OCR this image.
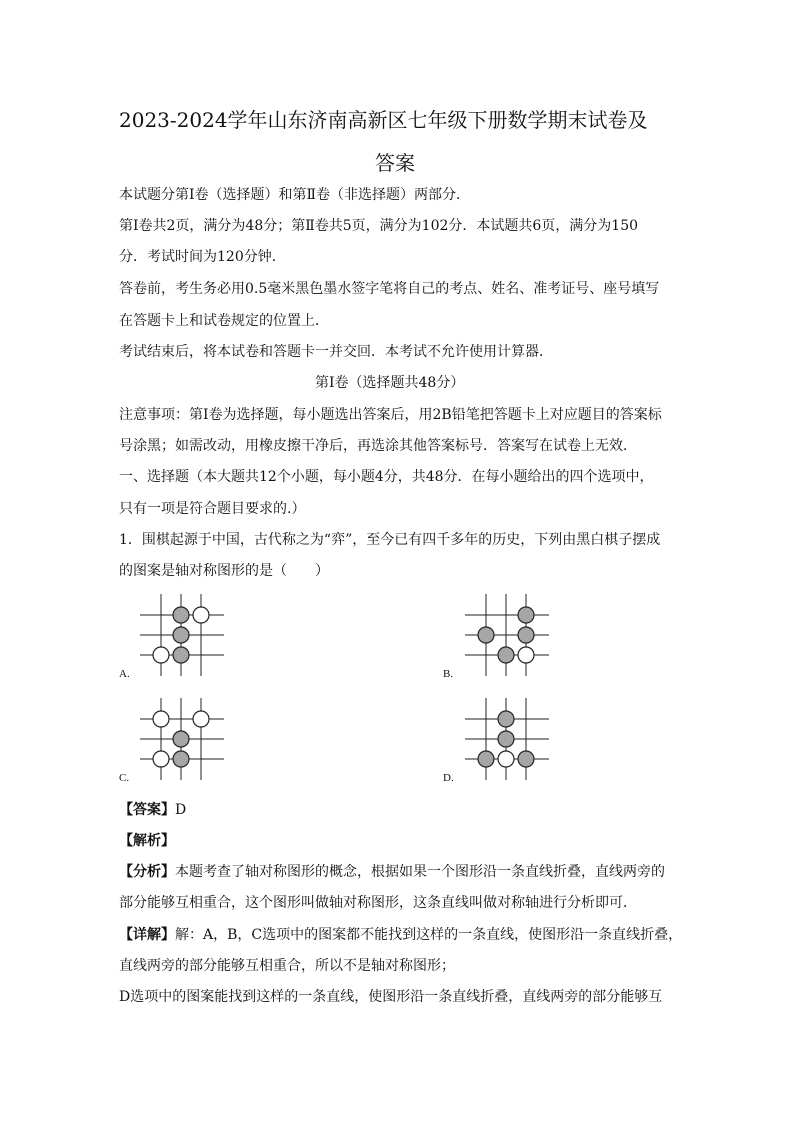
2023-2024学年山东济南高新区七年级下册数学期末试卷及
答案
本试题分第Ⅰ卷（选择题）和第Ⅱ卷（非选择题）两部分．
第Ⅰ卷共2页，满分为48分；第Ⅱ卷共5页，满分为102分．本试题共6页，满分为150
分．考试时间为120分钟．
答卷前，考生务必用0.5毫米黑色墨水签字笔将自己的考点、姓名、准考证号、座号填写
在答题卡上和试卷规定的位置上．
考试结束后，将本试卷和答题卡一并交回．本考试不允许使用计算器．
第Ⅰ卷（选择题共48分）
注意事项：第Ⅰ卷为选择题，每小题选出答案后，用2B铅笔把答题卡上对应题目的答案标
号涂黑；如需改动，用橡皮擦干净后，再选涂其他答案标号．答案写在试卷上无效．
一、选择题（本大题共12个小题，每小题4分，共48分．在每小题给出的四个选项中，
只有一项是符合题目要求的.）
1．围棋起源于中国，古代称之为“弈”，至今已有四千多年的历史，下列由黑白棋子摆成
的图案是轴对称图形的是（　　）
A.	B.
C.	D.
【答案】D
【解析】
【分析】本题考查了轴对称图形的概念，根据如果一个图形沿一条直线折叠，直线两旁的
部分能够互相重合，这个图形叫做轴对称图形，这条直线叫做对称轴进行分析即可．
【详解】解：A，B，C选项中的图案都不能找到这样的一条直线，使图形沿一条直线折叠，
直线两旁的部分能够互相重合，所以不是轴对称图形；
D选项中的图案能找到这样的一条直线，使图形沿一条直线折叠，直线两旁的部分能够互
